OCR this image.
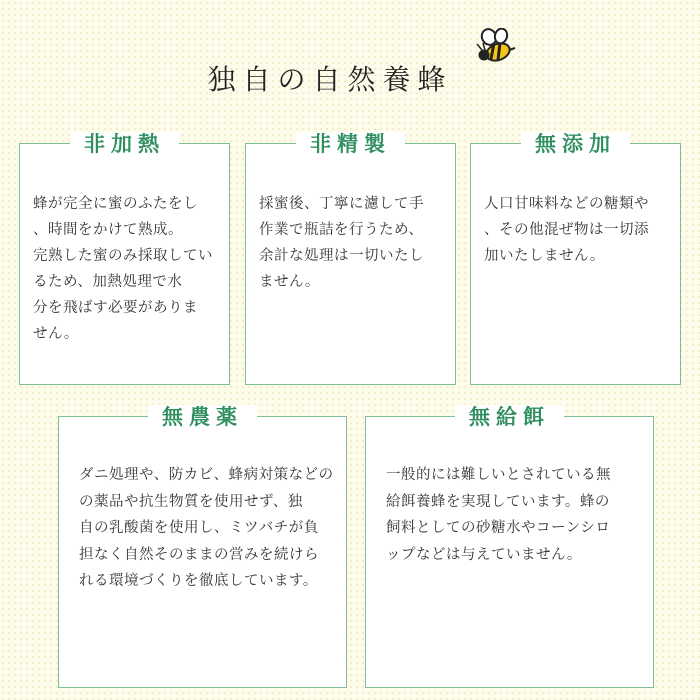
独自の自然養蜂
非加熱
蜂が完全に蜜のふたをし
、時間をかけて熟成。
完熟した蜜のみ採取してい
るため、加熱処理で水
分を飛ばす必要がありま
せん。
非精製
採蜜後、丁寧に濾して手
作業で瓶詰を行うため、
余計な処理は一切いたし
ません。
無添加
人口甘味料などの糖類や
、その他混ぜ物は一切添
加いたしません。
無農薬
ダニ処理や、防カビ、蜂病対策などの
の薬品や抗生物質を使用せず、独
自の乳酸菌を使用し、ミツバチが負
担なく自然そのままの営みを続けら
れる環境づくりを徹底しています。
無給餌
一般的には難しいとされている無
給餌養蜂を実現しています。蜂の
飼料としての砂糖水やコーンシロ
ップなどは与えていません。
